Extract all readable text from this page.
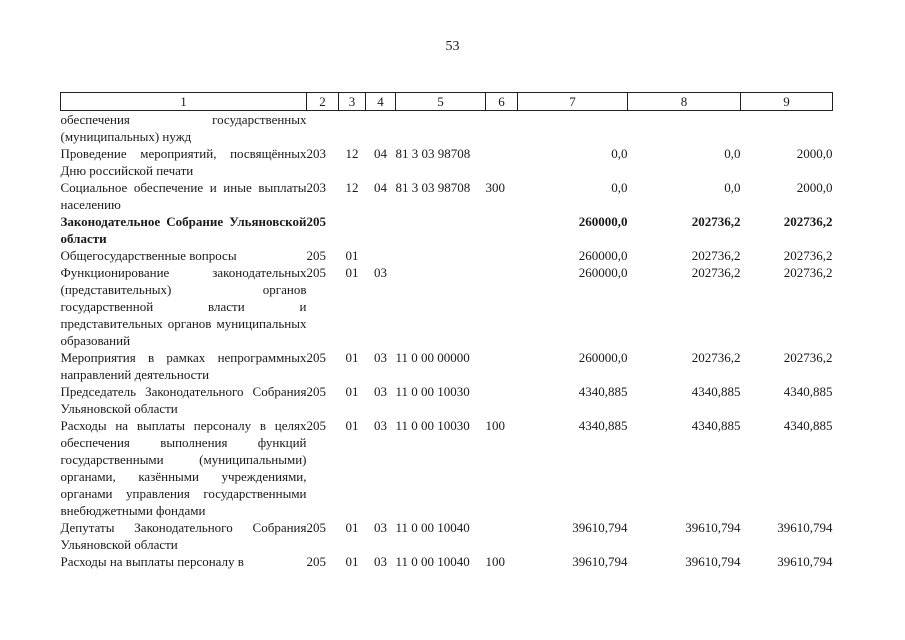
53
1	2	3	4	5	6	7	8	9
обеспечения государственных (муниципальных) нужд								
Проведение мероприятий, посвящённых Дню российской печати	203	12	04	81 3 03 98708		0,0	0,0	2000,0
Социальное обеспечение и иные выплаты населению	203	12	04	81 3 03 98708	300	0,0	0,0	2000,0
Законодательное Собрание Ульяновской области	205					260000,0	202736,2	202736,2
Общегосударственные вопросы	205	01				260000,0	202736,2	202736,2
Функционирование законодательных (представительных) органов государственной власти и представительных органов муниципальных образований	205	01	03			260000,0	202736,2	202736,2
Мероприятия в рамках непрограммных направлений деятельности	205	01	03	11 0 00 00000		260000,0	202736,2	202736,2
Председатель Законодательного Собрания Ульяновской области	205	01	03	11 0 00 10030		4340,885	4340,885	4340,885
Расходы на выплаты персоналу в целях обеспечения выполнения функций государственными (муниципальными) органами, казёнными учреждениями, органами управления государственными внебюджетными фондами	205	01	03	11 0 00 10030	100	4340,885	4340,885	4340,885
Депутаты Законодательного Собрания Ульяновской области	205	01	03	11 0 00 10040		39610,794	39610,794	39610,794
Расходы на выплаты персоналу в	205	01	03	11 0 00 10040	100	39610,794	39610,794	39610,794
